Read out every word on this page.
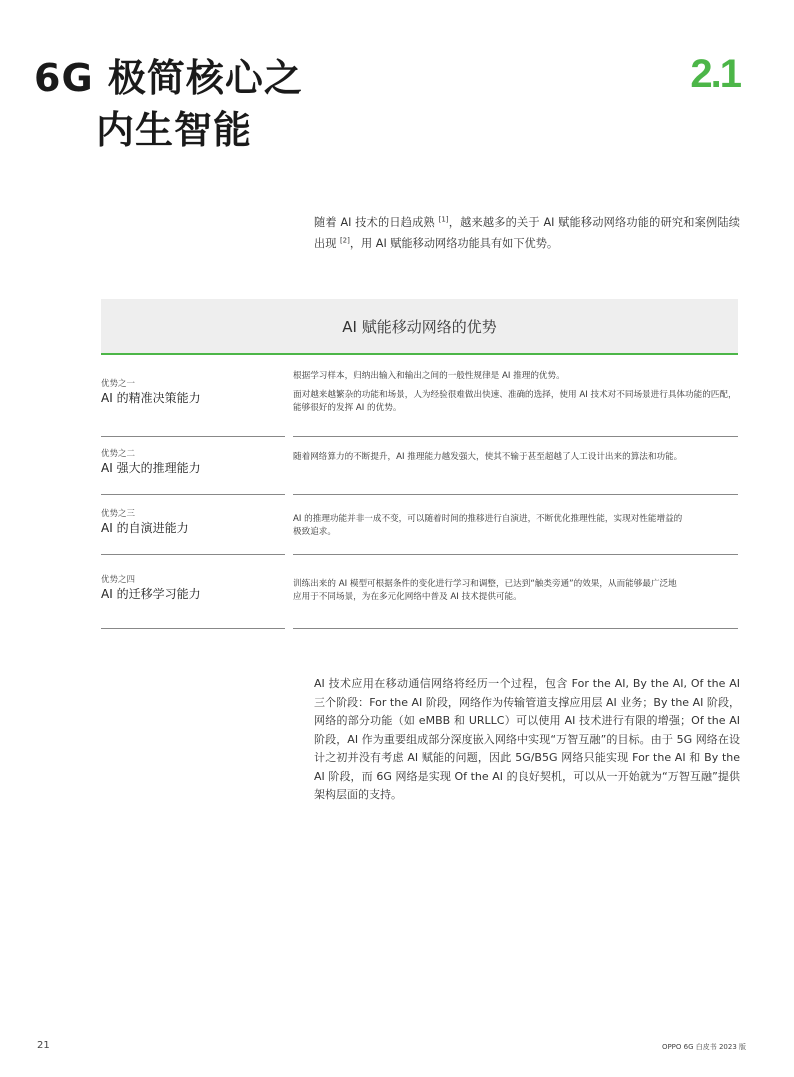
6G 极简核心之
内生智能
2.1
随着 AI 技术的日趋成熟 [1]，越来越多的关于 AI 赋能移动网络功能的研究和案例陆续出现 [2]，用 AI 赋能移动网络功能具有如下优势。
AI 赋能移动网络的优势
优势之一
AI 的精准决策能力

根据学习样本，归纳出输入和输出之间的一般性规律是 AI 推理的优势。

面对越来越繁杂的功能和场景，人为经验很难做出快速、准确的选择，使用 AI 技术对不同场景进行具体功能的匹配，能够很好的发挥 AI 的优势。

优势之二
AI 强大的推理能力

随着网络算力的不断提升，AI 推理能力越发强大，使其不输于甚至超越了人工设计出来的算法和功能。

优势之三
AI 的自演进能力

AI 的推理功能并非一成不变，可以随着时间的推移进行自演进，不断优化推理性能，实现对性能增益的极致追求。

优势之四
AI 的迁移学习能力

训练出来的 AI 模型可根据条件的变化进行学习和调整，已达到“触类旁通”的效果，从而能够最广泛地应用于不同场景，为在多元化网络中普及 AI 技术提供可能。

AI 技术应用在移动通信网络将经历一个过程，包含 For the AI, By the AI, Of the AI 三个阶段：For the AI 阶段，网络作为传输管道支撑应用层 AI 业务；By the AI 阶段，网络的部分功能（如 eMBB 和 URLLC）可以使用 AI 技术进行有限的增强；Of the AI 阶段，AI 作为重要组成部分深度嵌入网络中实现“万智互融”的目标。由于 5G 网络在设计之初并没有考虑 AI 赋能的问题，因此 5G/B5G 网络只能实现 For the AI 和 By the AI 阶段，而 6G 网络是实现 Of the AI 的良好契机，可以从一开始就为“万智互融”提供架构层面的支持。
21	OPPO 6G 白皮书 2023 版
